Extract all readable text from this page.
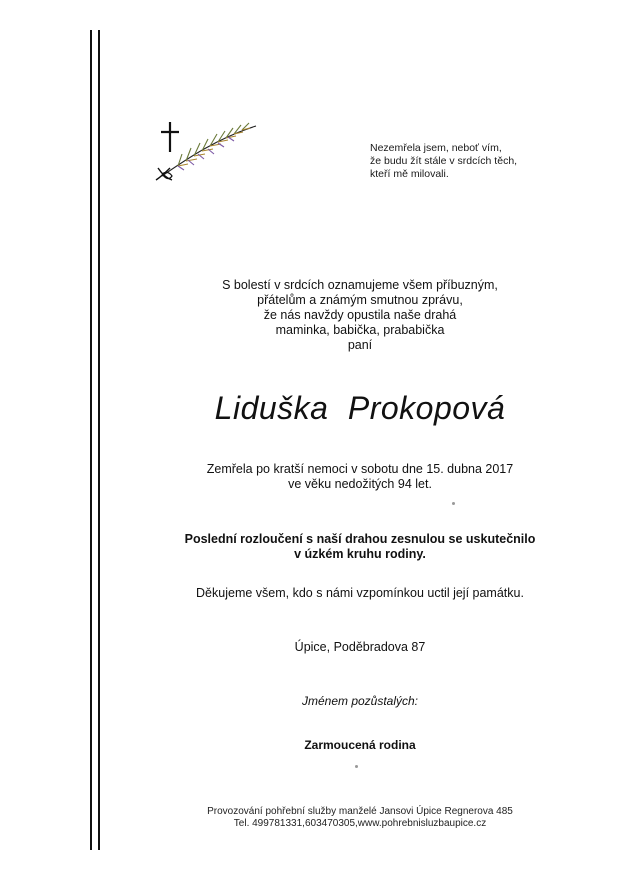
Nezemřela jsem, neboť vím,
že budu žít stále v srdcích těch,
kteří mě milovali.
S bolestí v srdcích oznamujeme všem příbuzným,
přátelům a známým smutnou zprávu,
že nás navždy opustila naše drahá
maminka, babička, prababička
paní
Liduška Prokopová
Zemřela po kratší nemoci v sobotu dne 15. dubna 2017
ve věku nedožitých 94 let.
Poslední rozloučení s naší drahou zesnulou se uskutečnilo
v úzkém kruhu rodiny.
Děkujeme všem, kdo s námi vzpomínkou uctil její památku.
Úpice, Poděbradova 87
Jménem pozůstalých:
Zarmoucená rodina
Provozování pohřební služby manželé Jansovi Úpice Regnerova 485
Tel. 499781331,603470305,www.pohrebnisluzbaupice.cz
